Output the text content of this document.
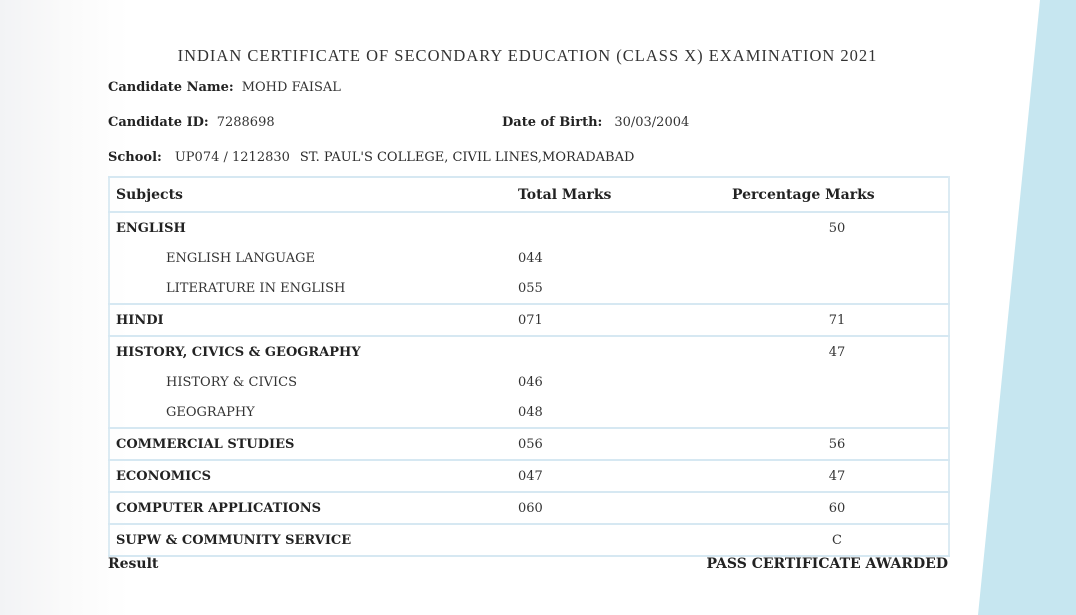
INDIAN CERTIFICATE OF SECONDARY EDUCATION (CLASS X) EXAMINATION 2021
Candidate Name: MOHD FAISAL
Candidate ID: 7288698	Date of Birth: 30/03/2004
School: UP074 / 1212830 ST. PAUL'S COLLEGE, CIVIL LINES,MORADABAD
Subjects	Total Marks	Percentage Marks
ENGLISH		50
ENGLISH LANGUAGE	044	
LITERATURE IN ENGLISH	055	
HINDI	071	71
HISTORY, CIVICS & GEOGRAPHY		47
HISTORY & CIVICS	046	
GEOGRAPHY	048	
COMMERCIAL STUDIES	056	56
ECONOMICS	047	47
COMPUTER APPLICATIONS	060	60
SUPW & COMMUNITY SERVICE		C
Result	PASS CERTIFICATE AWARDED
